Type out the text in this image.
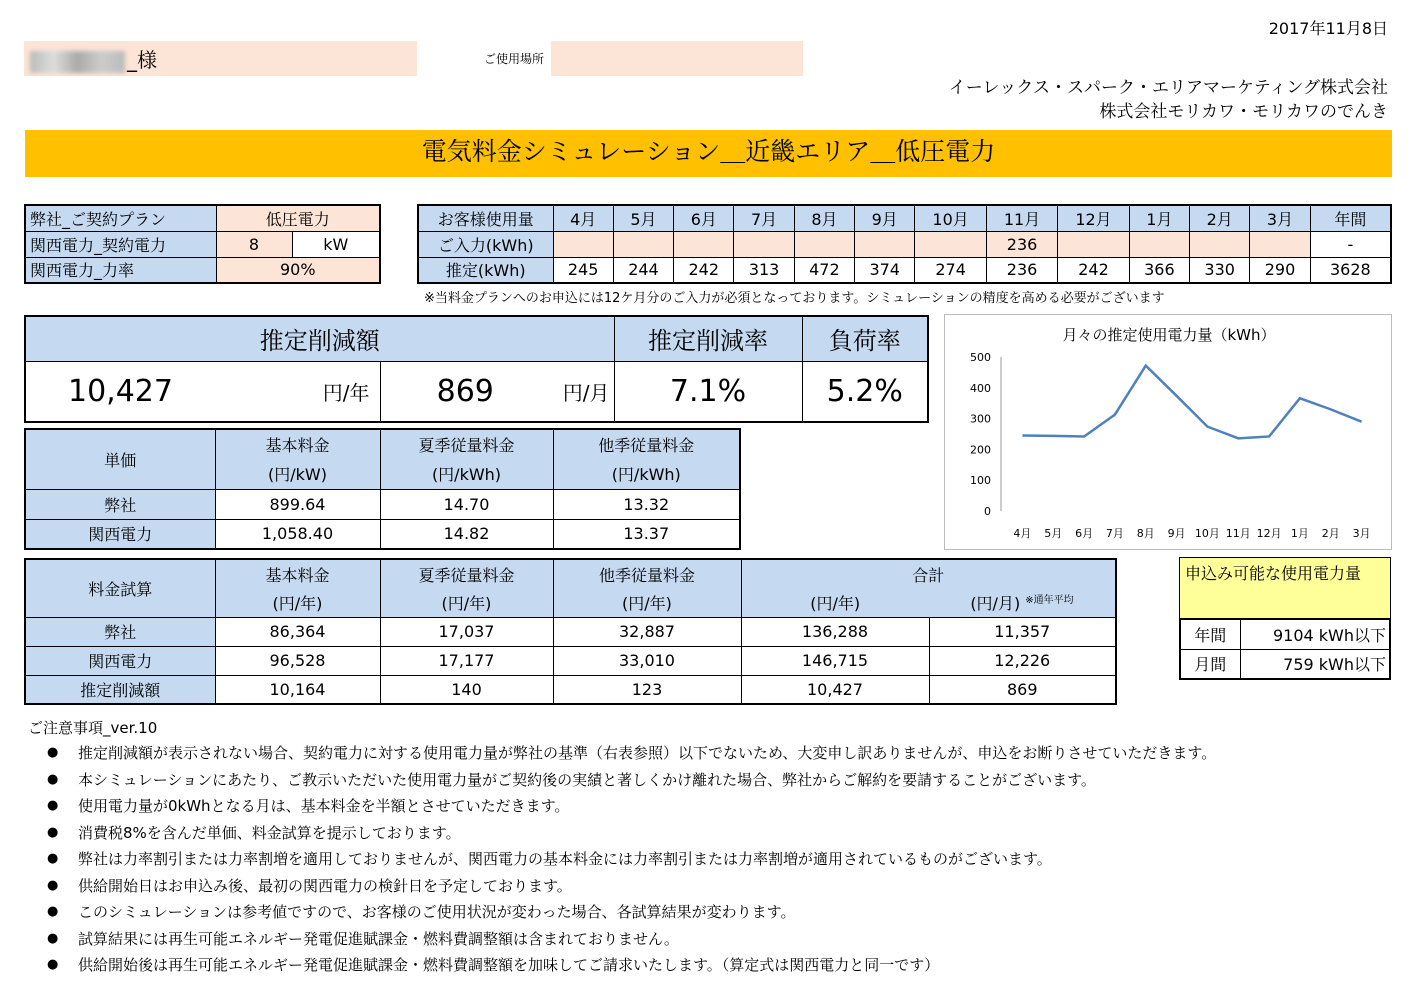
2017年11月8日
_様	ご使用場所
イーレックス・スパーク・エリアマーケティング株式会社
株式会社モリカワ・モリカワのでんき
電気料金シミュレーション＿近畿エリア＿低圧電力
弊社_ご契約プラン	低圧電力	
関西電力_契約電力	8	kW
関西電力_力率	90%	
お客様使用量	4月	5月	6月	7月	8月	9月	10月	11月	12月	1月	2月	3月	年間
ご入力(kWh)								236					-
推定(kWh)	245	244	242	313	472	374	274	236	242	366	330	290	3628
※当料金プランへのお申込には12ケ月分のご入力が必須となっております。シミュレーションの精度を高める必要がございます
推定削減額				推定削減率	負荷率
10,427	円/年	869	円/月	7.1%	5.2%
単価	基本料金	夏季従量料金	他季従量料金
	(円/kW)	(円/kWh)	(円/kWh)
弊社	899.64	14.70	13.32
関西電力	1,058.40	14.82	13.37
料金試算	基本料金	夏季従量料金	他季従量料金	合計	
	(円/年)	(円/年)	(円/年)	(円/年)	(円/月) $^{※通年平均}$
弊社	86,364	17,037	32,887	136,288	11,357
関西電力	96,528	17,177	33,010	146,715	12,226
推定削減額	10,164	140	123	10,427	869
申込み可能な使用電力量
年間	9104 kWh以下
月間	759 kWh以下
月々の推定使用電力量（kWh）
0
100
200
300
400
500
4月 5月 6月 7月 8月 9月 10月 11月 12月 1月 2月 3月
ご注意事項_ver.10
● 推定削減額が表示されない場合、契約電力に対する使用電力量が弊社の基準（右表参照）以下でないため、大変申し訳ありませんが、申込をお断りさせていただきます。
● 本シミュレーションにあたり、ご教示いただいた使用電力量がご契約後の実績と著しくかけ離れた場合、弊社からご解約を要請することがございます。
● 使用電力量が0kWhとなる月は、基本料金を半額とさせていただきます。
● 消費税8%を含んだ単価、料金試算を提示しております。
● 弊社は力率割引または力率割増を適用しておりませんが、関西電力の基本料金には力率割引または力率割増が適用されているものがございます。
● 供給開始日はお申込み後、最初の関西電力の検針日を予定しております。
● このシミュレーションは参考値ですので、お客様のご使用状況が変わった場合、各試算結果が変わります。
● 試算結果には再生可能エネルギー発電促進賦課金・燃料費調整額は含まれておりません。
● 供給開始後は再生可能エネルギー発電促進賦課金・燃料費調整額を加味してご請求いたします。（算定式は関西電力と同一です）
